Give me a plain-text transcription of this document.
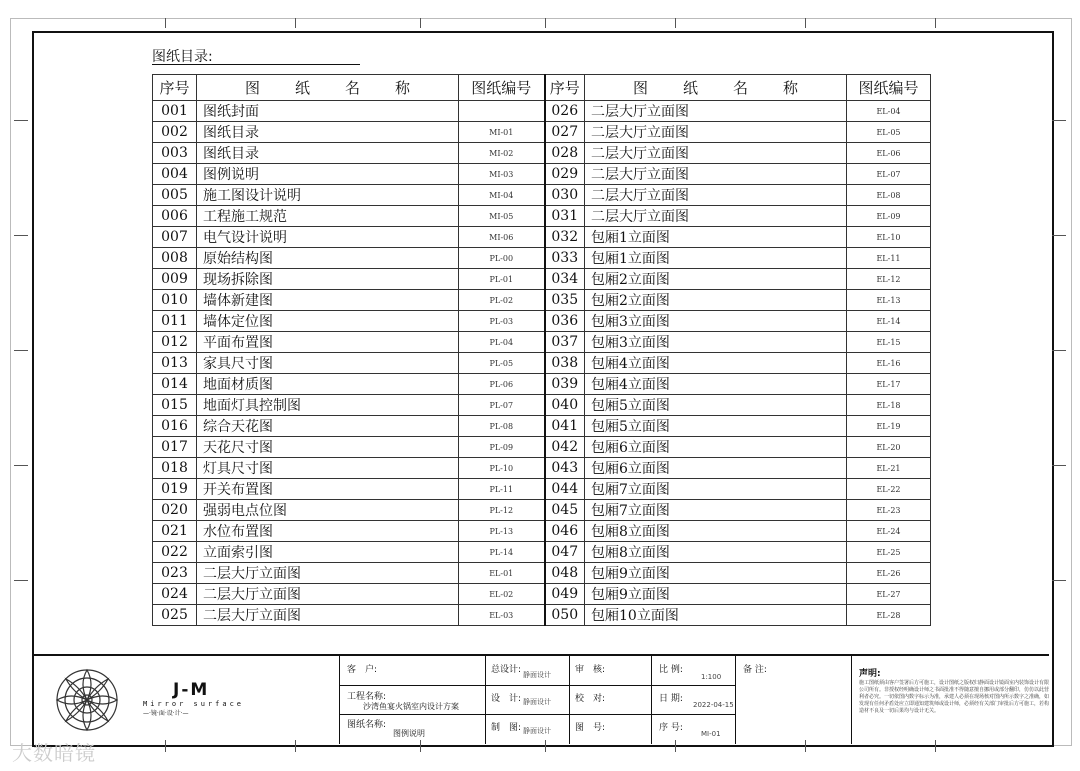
图纸目录:
序号	图 纸 名 称	图纸编号	序号	图 纸 名 称	图纸编号
001	图纸封面		026	二层大厅立面图	EL-04
002	图纸目录	MI-01	027	二层大厅立面图	EL-05
003	图纸目录	MI-02	028	二层大厅立面图	EL-06
004	图例说明	MI-03	029	二层大厅立面图	EL-07
005	施工图设计说明	MI-04	030	二层大厅立面图	EL-08
006	工程施工规范	MI-05	031	二层大厅立面图	EL-09
007	电气设计说明	MI-06	032	包厢1立面图	EL-10
008	原始结构图	PL-00	033	包厢1立面图	EL-11
009	现场拆除图	PL-01	034	包厢2立面图	EL-12
010	墙体新建图	PL-02	035	包厢2立面图	EL-13
011	墙体定位图	PL-03	036	包厢3立面图	EL-14
012	平面布置图	PL-04	037	包厢3立面图	EL-15
013	家具尺寸图	PL-05	038	包厢4立面图	EL-16
014	地面材质图	PL-06	039	包厢4立面图	EL-17
015	地面灯具控制图	PL-07	040	包厢5立面图	EL-18
016	综合天花图	PL-08	041	包厢5立面图	EL-19
017	天花尺寸图	PL-09	042	包厢6立面图	EL-20
018	灯具尺寸图	PL-10	043	包厢6立面图	EL-21
019	开关布置图	PL-11	044	包厢7立面图	EL-22
020	强弱电点位图	PL-12	045	包厢7立面图	EL-23
021	水位布置图	PL-13	046	包厢8立面图	EL-24
022	立面索引图	PL-14	047	包厢8立面图	EL-25
023	二层大厅立面图	EL-01	048	包厢9立面图	EL-26
024	二层大厅立面图	EL-02	049	包厢9立面图	EL-27
025	二层大厅立面图	EL-03	050	包厢10立面图	EL-28
J-M
Mirror surface
—·镜·面·设·计·—
客　户:
工程名称:
沙湾鱼宴火锅室内设计方案
图纸名称:
图例说明
总设计: 静面设计
设　计: 静面设计
制　图: 静面设计
审　核:
校　对:
图　号:
比 例:
1:100
日 期:
2022-04-15
序 号:
MI-01
备 注:	声明:
施工图纸须由客户签署后方可施工，设计图纸之版权归静面设计镜面室内装饰设计有限公司所有。非授权经明确设计师之书面批准不得随意擅自挪用或部分翻印，仿仿以此营利者必究。一切依图内数字标示为准，承建人必须在现场核对图内所示数字之准确，如发现有任何矛盾处应立即通知建筑师或设计师，必须经有关部门审批后方可施工，若构造材不良及一切后果均与设计无关。
大数暗镜
